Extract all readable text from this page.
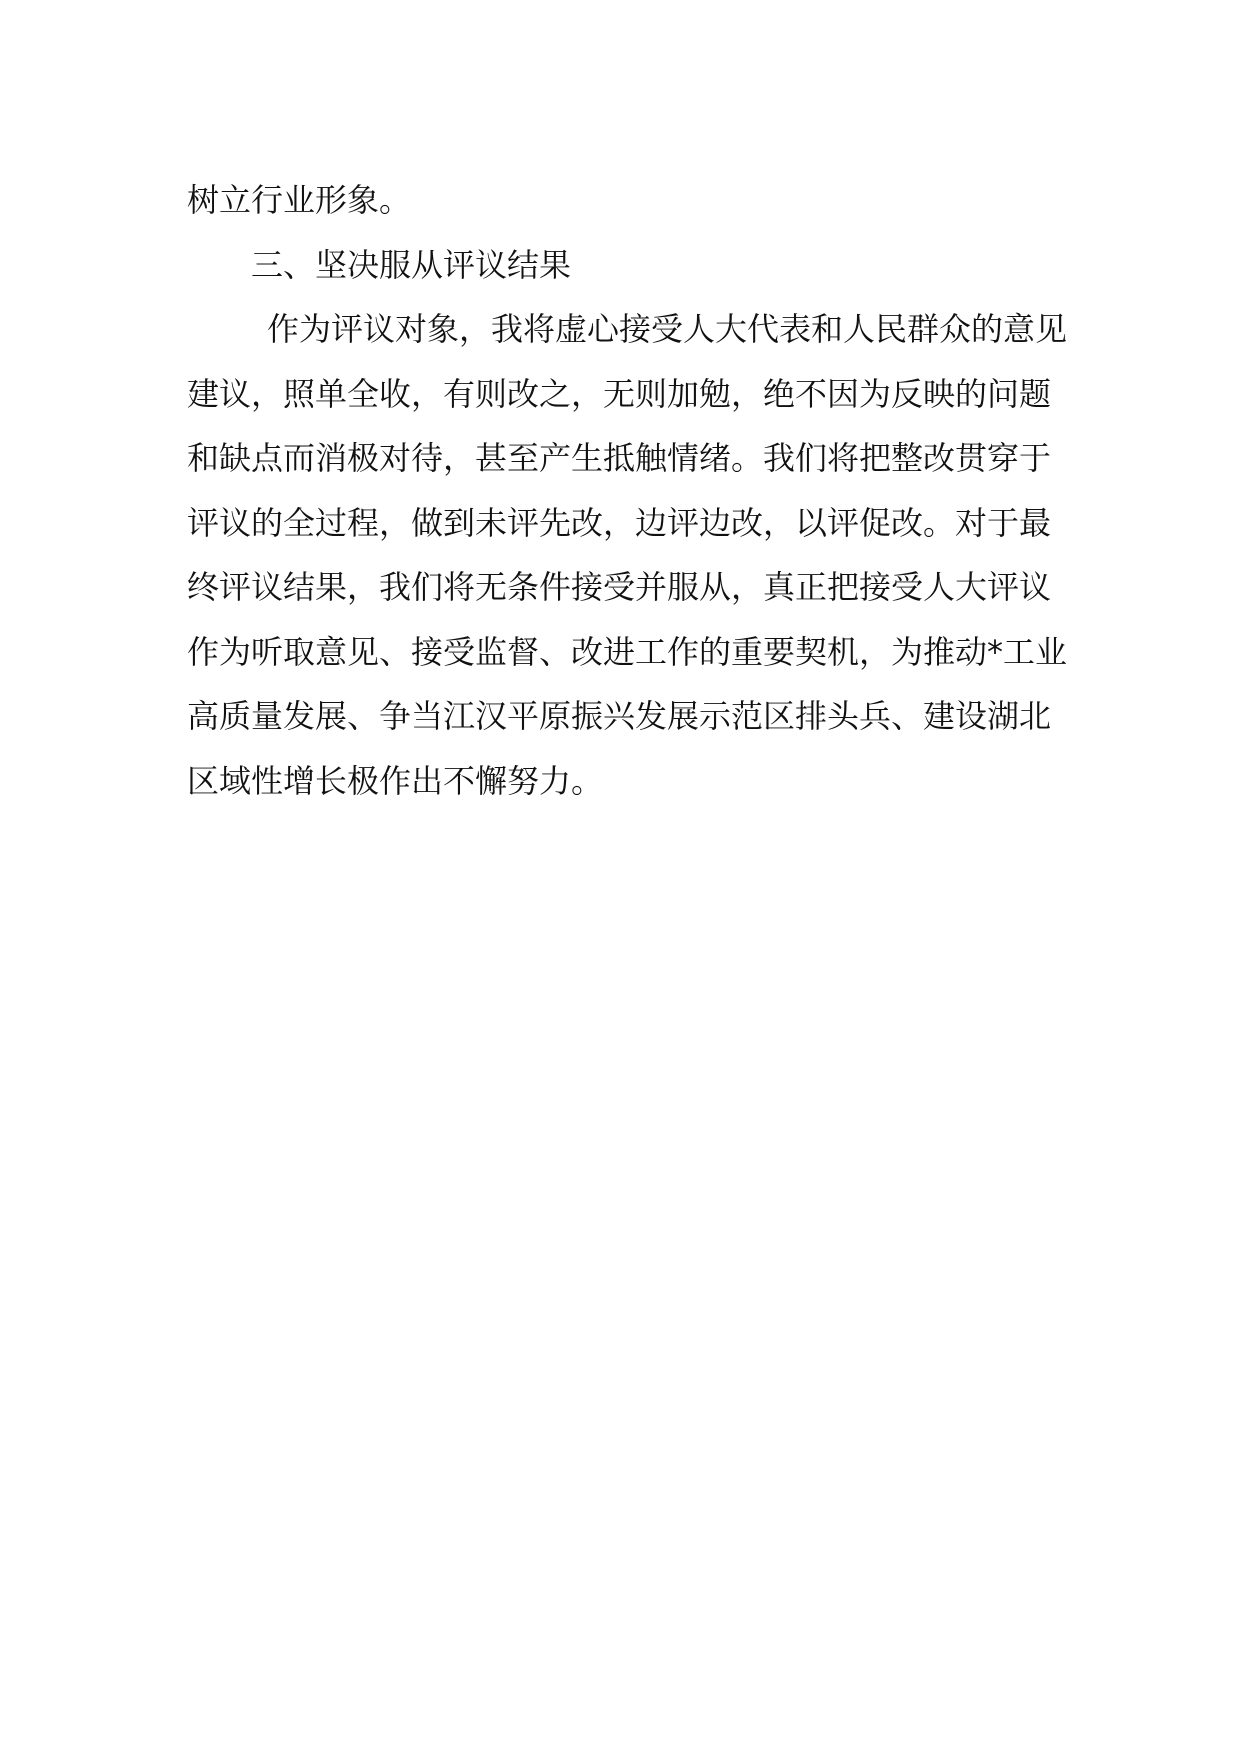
树立行业形象。
三、坚决服从评议结果
作为评议对象，我将虚心接受人大代表和人民群众的意见
建议，照单全收，有则改之，无则加勉，绝不因为反映的问题
和缺点而消极对待，甚至产生抵触情绪。我们将把整改贯穿于
评议的全过程，做到未评先改，边评边改，以评促改。对于最
终评议结果，我们将无条件接受并服从，真正把接受人大评议
作为听取意见、接受监督、改进工作的重要契机，为推动*工业
高质量发展、争当江汉平原振兴发展示范区排头兵、建设湖北
区域性增长极作出不懈努力。
